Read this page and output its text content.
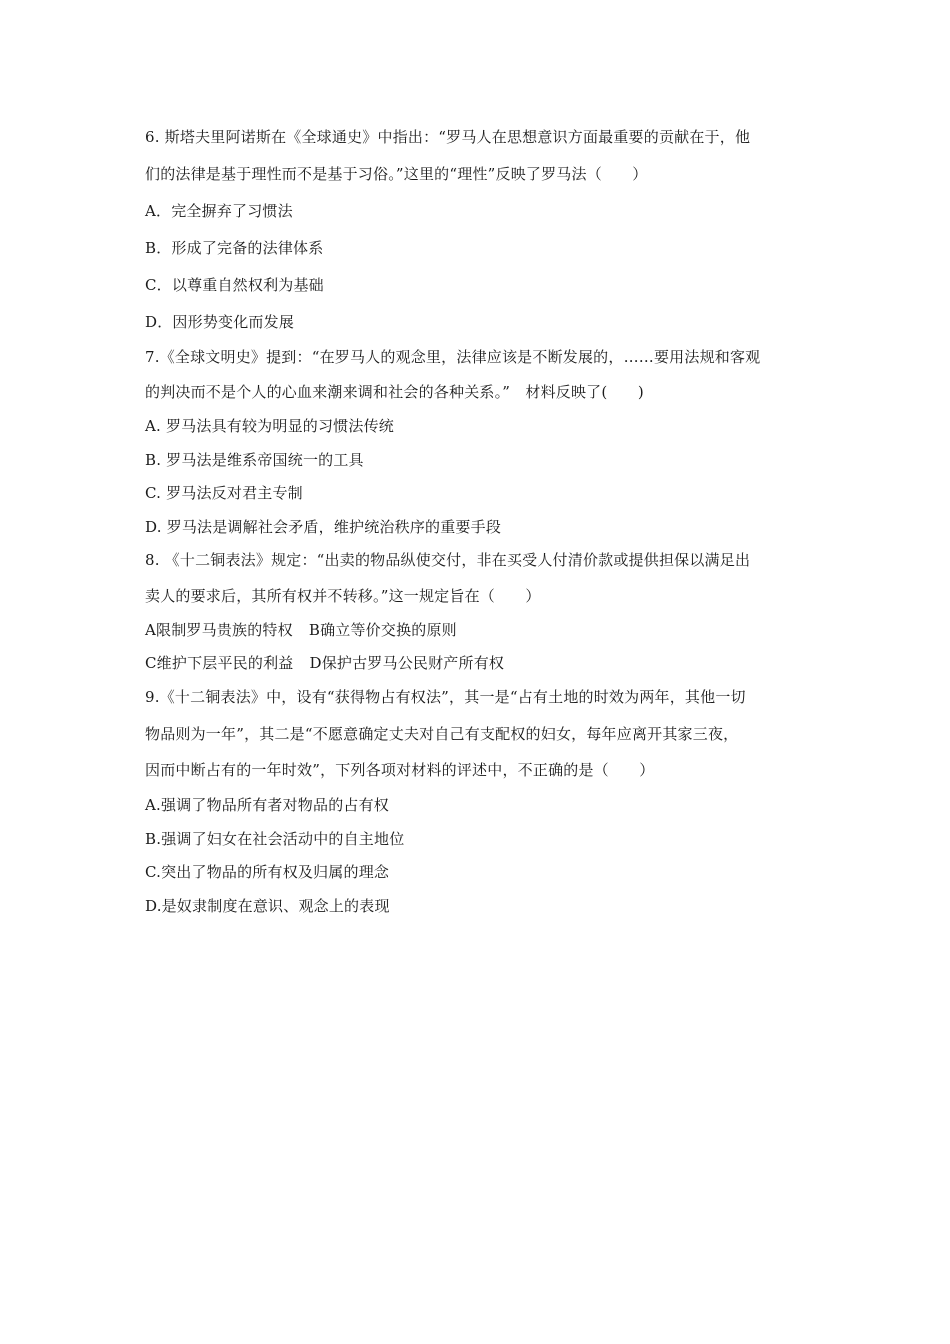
6. 斯塔夫里阿诺斯在《全球通史》中指出：“罗马人在思想意识方面最重要的贡献在于，他
们的法律是基于理性而不是基于习俗。”这里的“理性”反映了罗马法（　　）
A．完全摒弃了习惯法
B．形成了完备的法律体系
C．以尊重自然权利为基础
D．因形势变化而发展
7.《全球文明史》提到：“在罗马人的观念里，法律应该是不断发展的，……要用法规和客观
的判决而不是个人的心血来潮来调和社会的各种关系。”　材料反映了(　　)
A. 罗马法具有较为明显的习惯法传统
B. 罗马法是维系帝国统一的工具
C. 罗马法反对君主专制
D. 罗马法是调解社会矛盾，维护统治秩序的重要手段
8. 《十二铜表法》规定：“出卖的物品纵使交付，非在买受人付清价款或提供担保以满足出
卖人的要求后，其所有权并不转移。”这一规定旨在（　　）
A限制罗马贵族的特权 B确立等价交换的原则
C维护下层平民的利益 D保护古罗马公民财产所有权
9.《十二铜表法》中，设有“获得物占有权法”，其一是“占有土地的时效为两年，其他一切
物品则为一年”，其二是“不愿意确定丈夫对自己有支配权的妇女，每年应离开其家三夜，
因而中断占有的一年时效”，下列各项对材料的评述中，不正确的是（　　）
A.强调了物品所有者对物品的占有权
B.强调了妇女在社会活动中的自主地位
C.突出了物品的所有权及归属的理念
D.是奴隶制度在意识、观念上的表现
